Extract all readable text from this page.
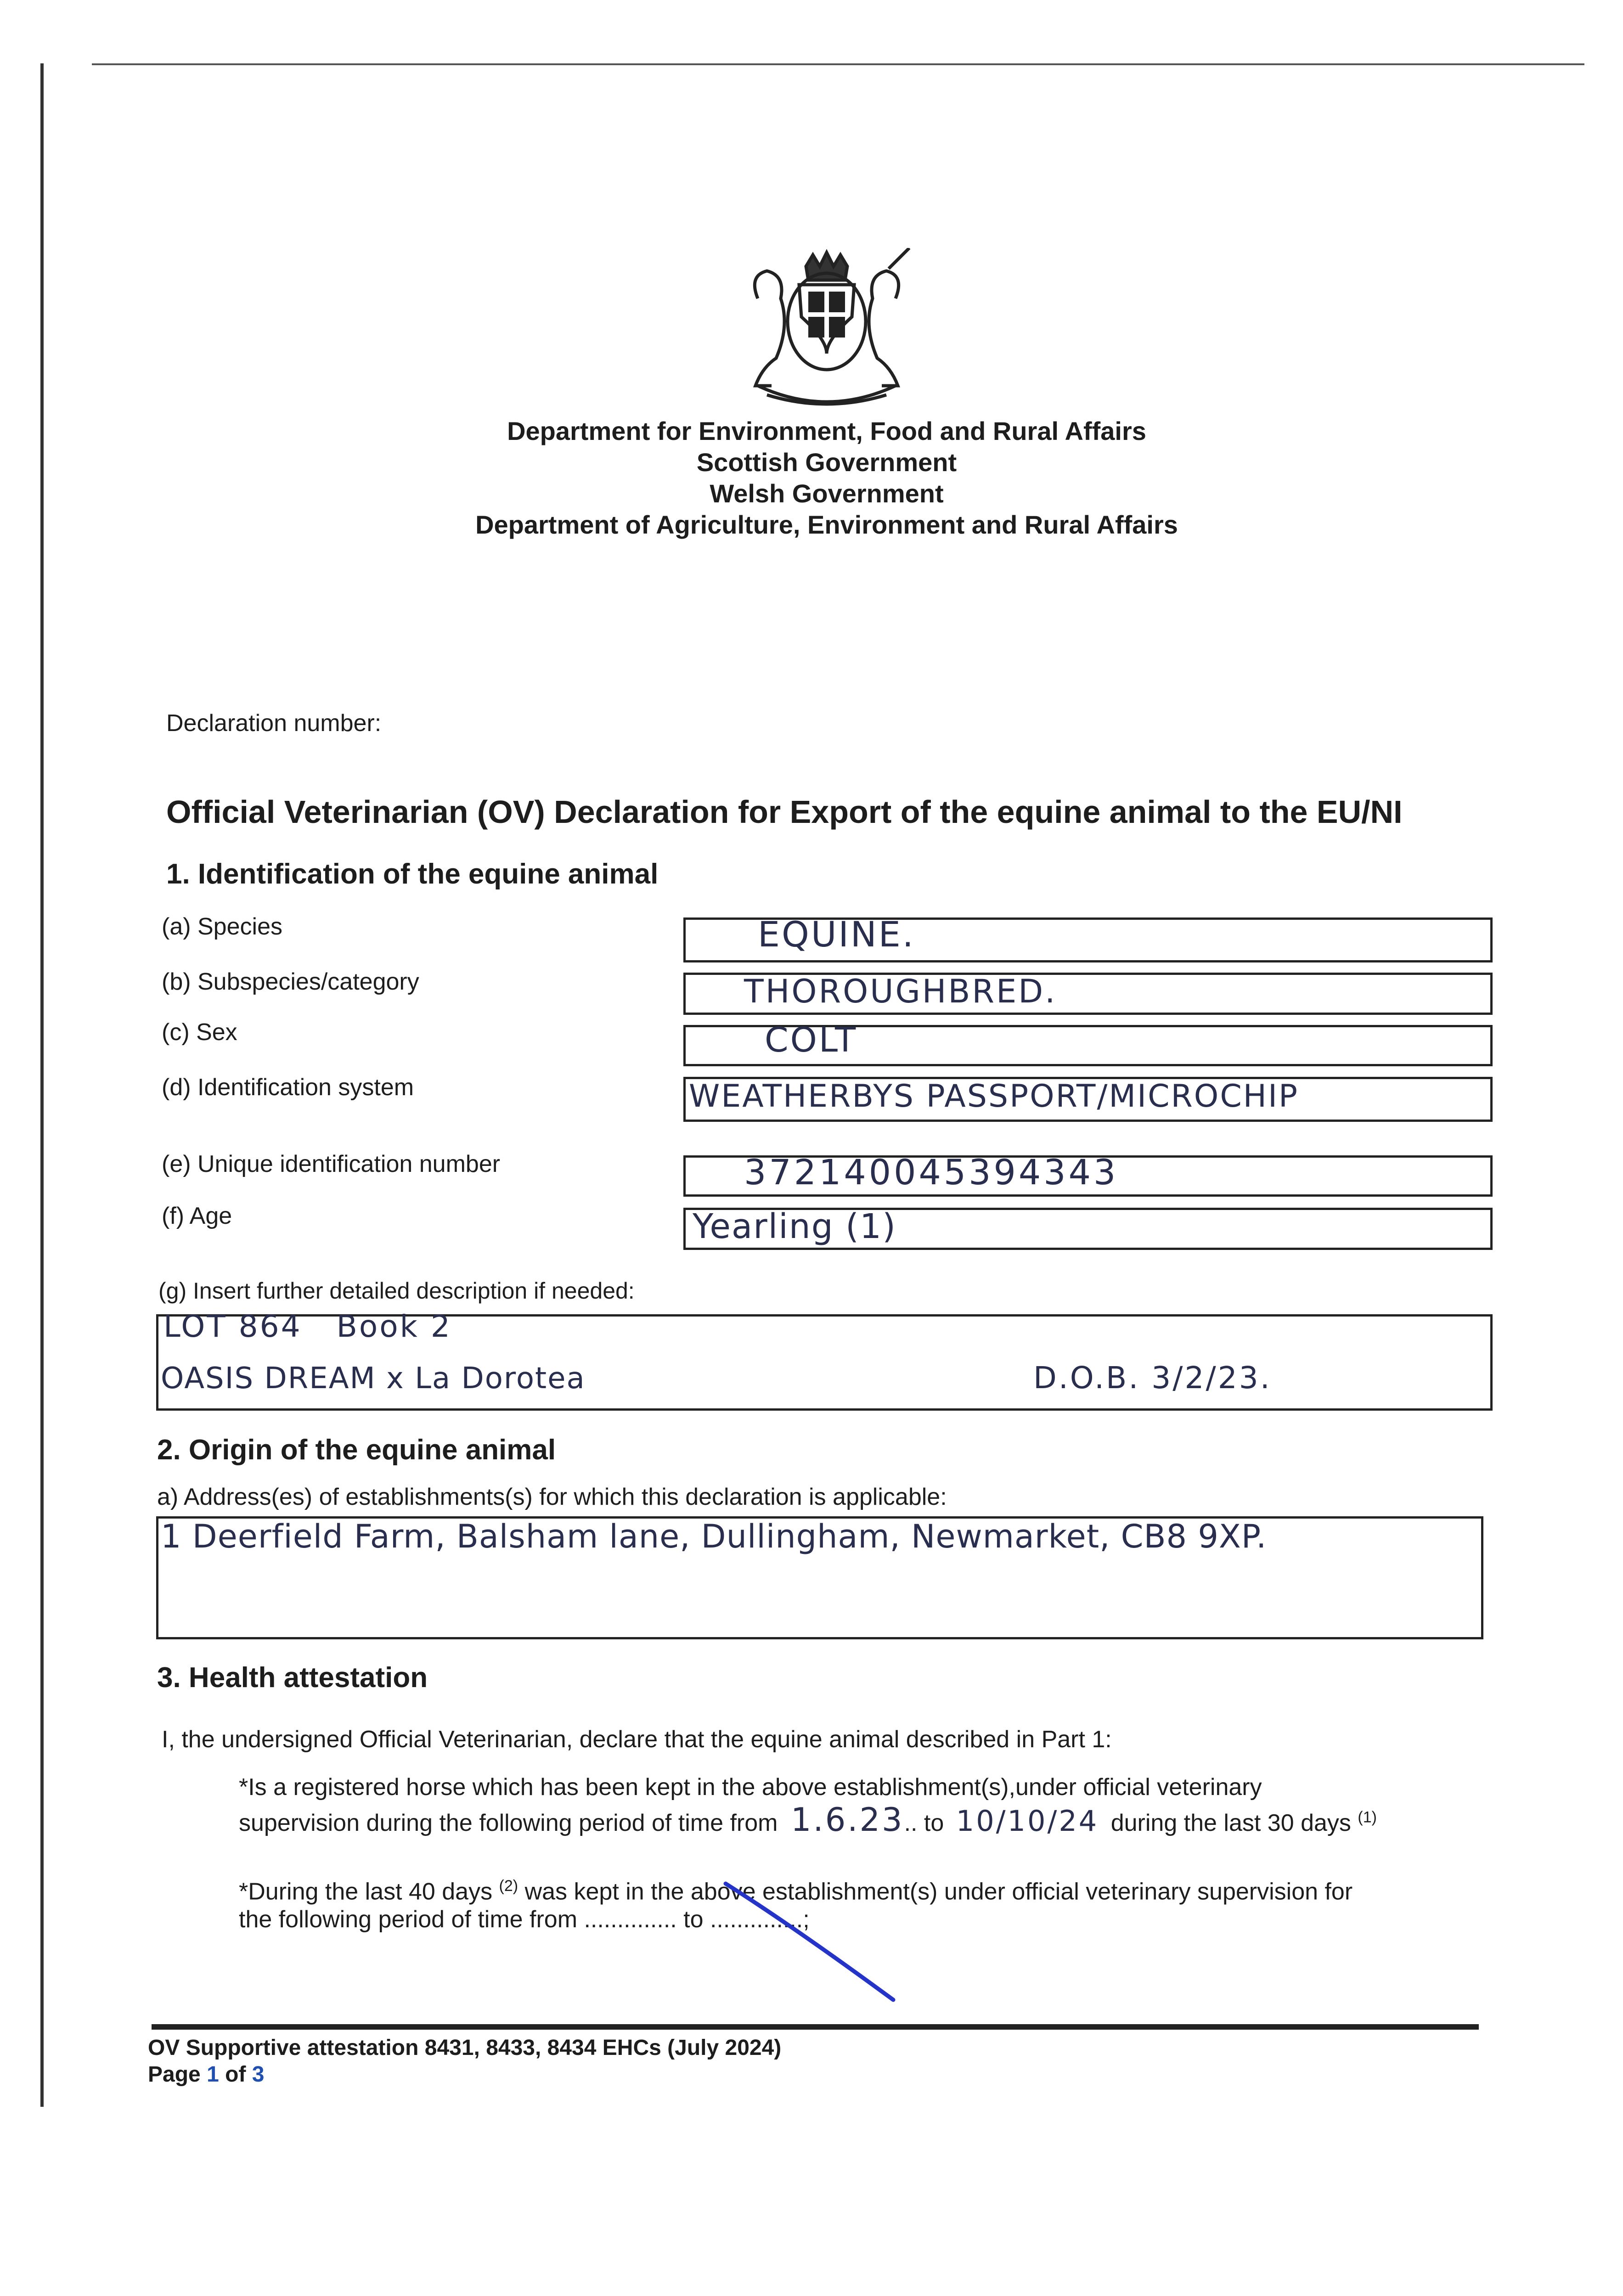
Department for Environment, Food and Rural Affairs
Scottish Government
Welsh Government
Department of Agriculture, Environment and Rural Affairs
Declaration number:
Official Veterinarian (OV) Declaration for Export of the equine animal to the EU/NI
1. Identification of the equine animal
(a) Species	EQUINE.
(b) Subspecies/category	THOROUGHBRED.
(c) Sex	COLT
(d) Identification system	WEATHERBYS PASSPORT/MICROCHIP
(e) Unique identification number	372140045394343
(f) Age	Yearling (1)
(g) Insert further detailed description if needed:
LOT 864   Book 2
OASIS DREAM x La Dorotea	D.O.B. 3/2/23.
2. Origin of the equine animal
a) Address(es) of establishments(s) for which this declaration is applicable:
1 Deerfield Farm, Balsham lane, Dullingham, Newmarket, CB8 9XP.
3. Health attestation
I, the undersigned Official Veterinarian, declare that the equine animal described in Part 1:
*Is a registered horse which has been kept in the above establishment(s),under official veterinary
supervision during the following period of time from 1.6.23.. to 10/10/24 during the last 30 days $^{(1)}$
*During the last 40 days $^{(2)}$ was kept in the above establishment(s) under official veterinary supervision for
the following period of time from .............. to ..............;
OV Supportive attestation 8431, 8433, 8434 EHCs (July 2024)
Page 1 of 3
